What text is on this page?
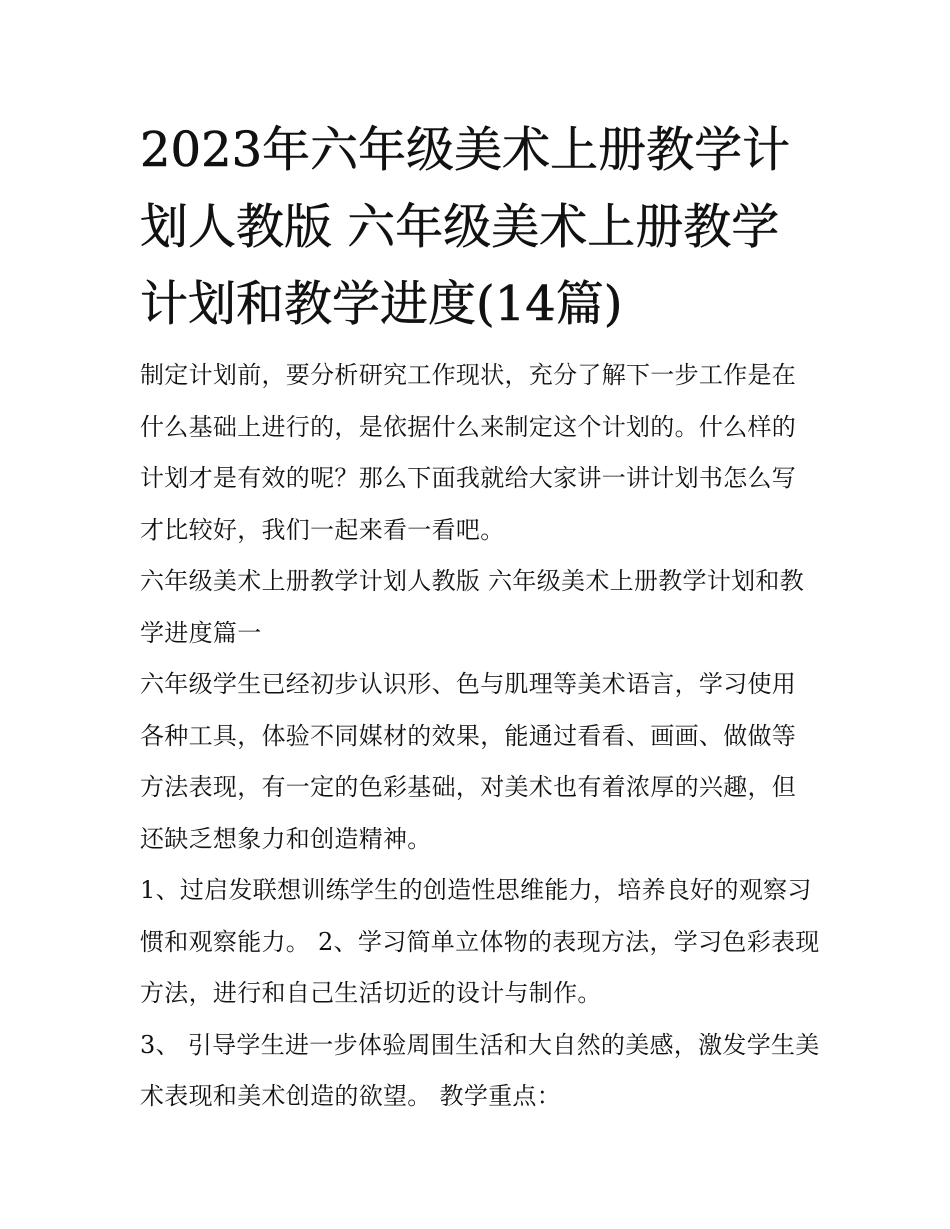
2023年六年级美术上册教学计划人教版 六年级美术上册教学计划和教学进度(14篇)

制定计划前，要分析研究工作现状，充分了解下一步工作是在什么基础上进行的，是依据什么来制定这个计划的。什么样的计划才是有效的呢？那么下面我就给大家讲一讲计划书怎么写才比较好，我们一起来看一看吧。

六年级美术上册教学计划人教版 六年级美术上册教学计划和教学进度篇一

六年级学生已经初步认识形、色与肌理等美术语言，学习使用各种工具，体验不同媒材的效果，能通过看看、画画、做做等方法表现，有一定的色彩基础，对美术也有着浓厚的兴趣，但还缺乏想象力和创造精神。

1、过启发联想训练学生的创造性思维能力，培养良好的观察习惯和观察能力。 2、学习简单立体物的表现方法，学习色彩表现方法，进行和自己生活切近的设计与制作。

3、 引导学生进一步体验周围生活和大自然的美感，激发学生美术表现和美术创造的欲望。 教学重点：
